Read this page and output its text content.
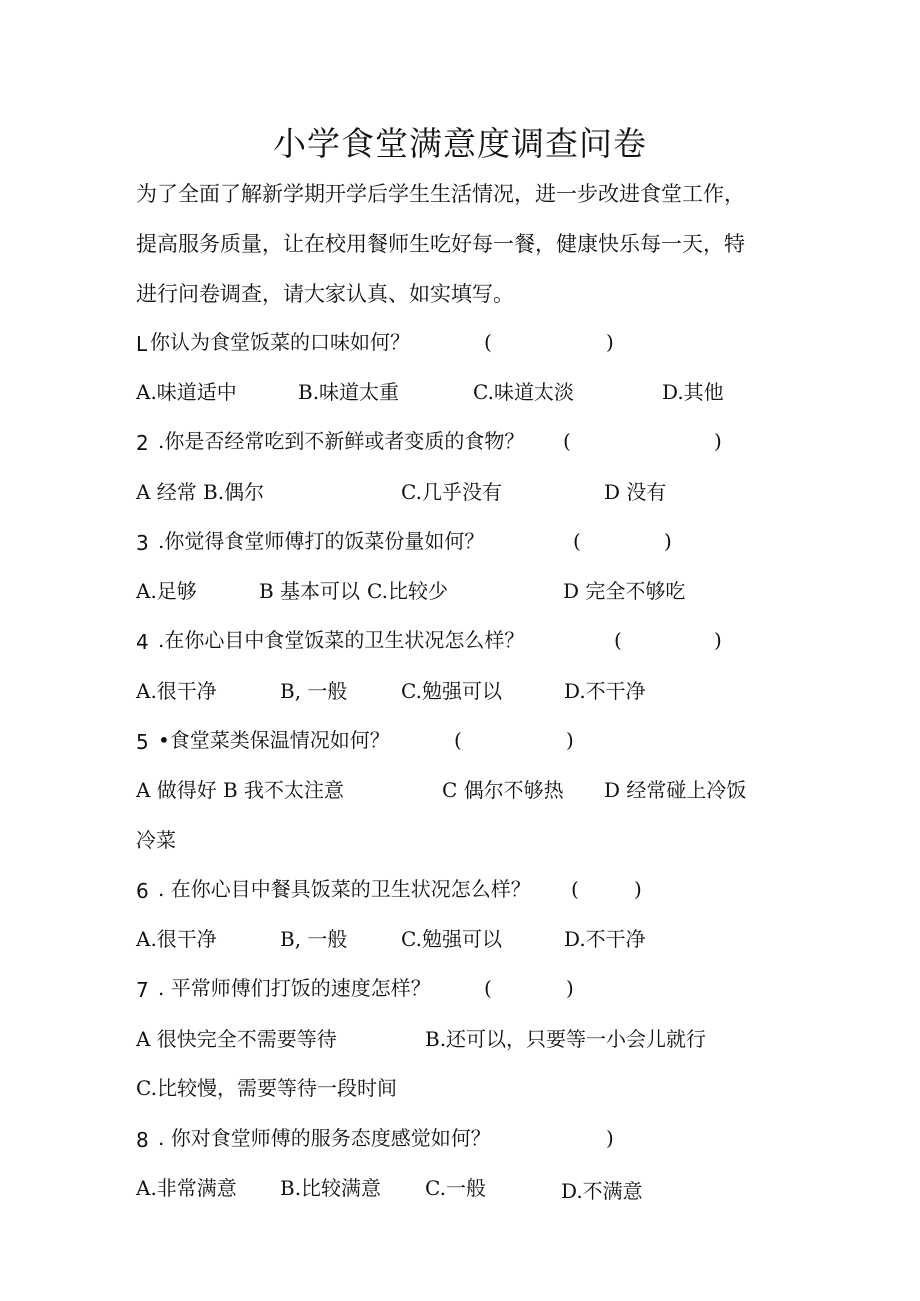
小学食堂满意度调查问卷
为了全面了解新学期开学后学生生活情况，进一步改进食堂工作，
提高服务质量，让在校用餐师生吃好每一餐，健康快乐每一天，特
进行问卷调查，请大家认真、如实填写。
L 你认为食堂饭菜的口味如何？	(	)
A.味道适中	B.味道太重	C.味道太淡	D.其他
2 .你是否经常吃到不新鲜或者变质的食物？ (	)
A 经常 B.偶尔	C.几乎没有	D 没有
3 .你觉得食堂师傅打的饭菜份量如何？	(	)
A.足够	B 基本可以 C.比较少	D 完全不够吃
4 .在你心目中食堂饭菜的卫生状况怎么样？	(	)
A.很干净	B, 一般	C.勉强可以	D.不干净
5 •食堂菜类保温情况如何？	(	)
A 做得好 B 我不太注意	C 偶尔不够热 D 经常碰上冷饭
冷菜
6 . 在你心目中餐具饭菜的卫生状况怎么样？ (	)
A.很干净	B, 一般	C.勉强可以	D.不干净
7 . 平常师傅们打饭的速度怎样？	(	)
A 很快完全不需要等待	B.还可以，只要等一小会儿就行
C.比较慢，需要等待一段时间
8 . 你对食堂师傅的服务态度感觉如何？	)
A.非常满意 B.比较满意 C.一般	D.不满意
